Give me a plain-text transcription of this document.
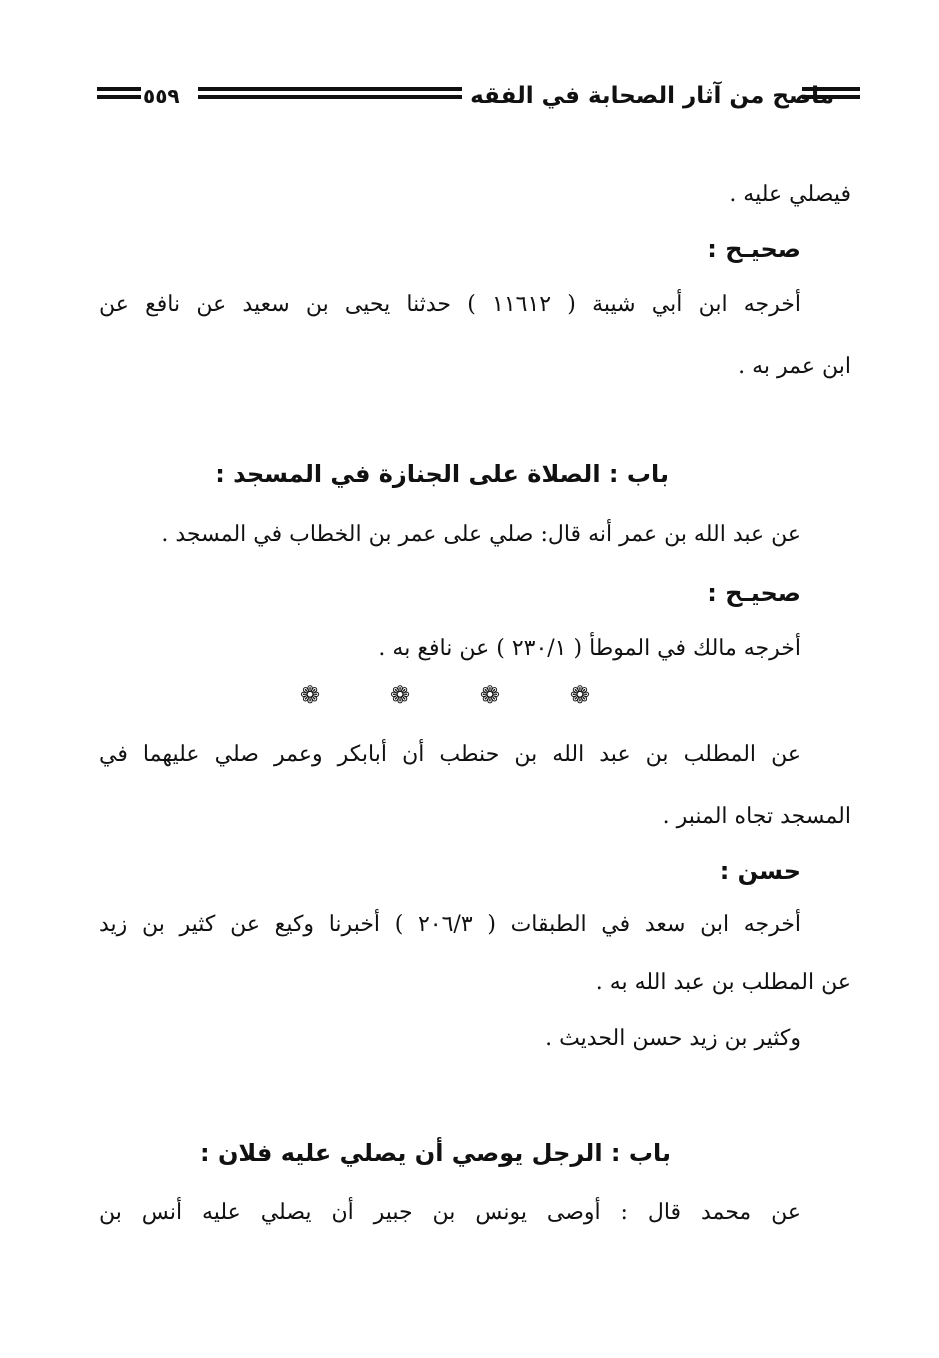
ماصح من آثار الصحابة في الفقه
٥٥٩
فيصلي عليه .
صحيـح :
أخرجه ابن أبي شيبة ( ١١٦١٢ ) حدثنا يحيى بن سعيد عن نافع عن
ابن عمر به .
باب : الصلاة على الجنازة في المسجد :
عن عبد الله بن عمر أنه قال: صلي على عمر بن الخطاب في المسجد .
صحيـح :
أخرجه مالك في الموطأ ( ٢٣٠/١ ) عن نافع به .
❁	❁	❁	❁
عن المطلب بن عبد الله بن حنطب أن أبابكر وعمر صلي عليهما في
المسجد تجاه المنبر .
حسن :
أخرجه ابن سعد في الطبقات ( ٢٠٦/٣ ) أخبرنا وكيع عن كثير بن زيد
عن المطلب بن عبد الله به .
وكثير بن زيد حسن الحديث .
باب : الرجل يوصي أن يصلي عليه فلان :
عن محمد قال : أوصى يونس بن جبير أن يصلي عليه أنس بن
